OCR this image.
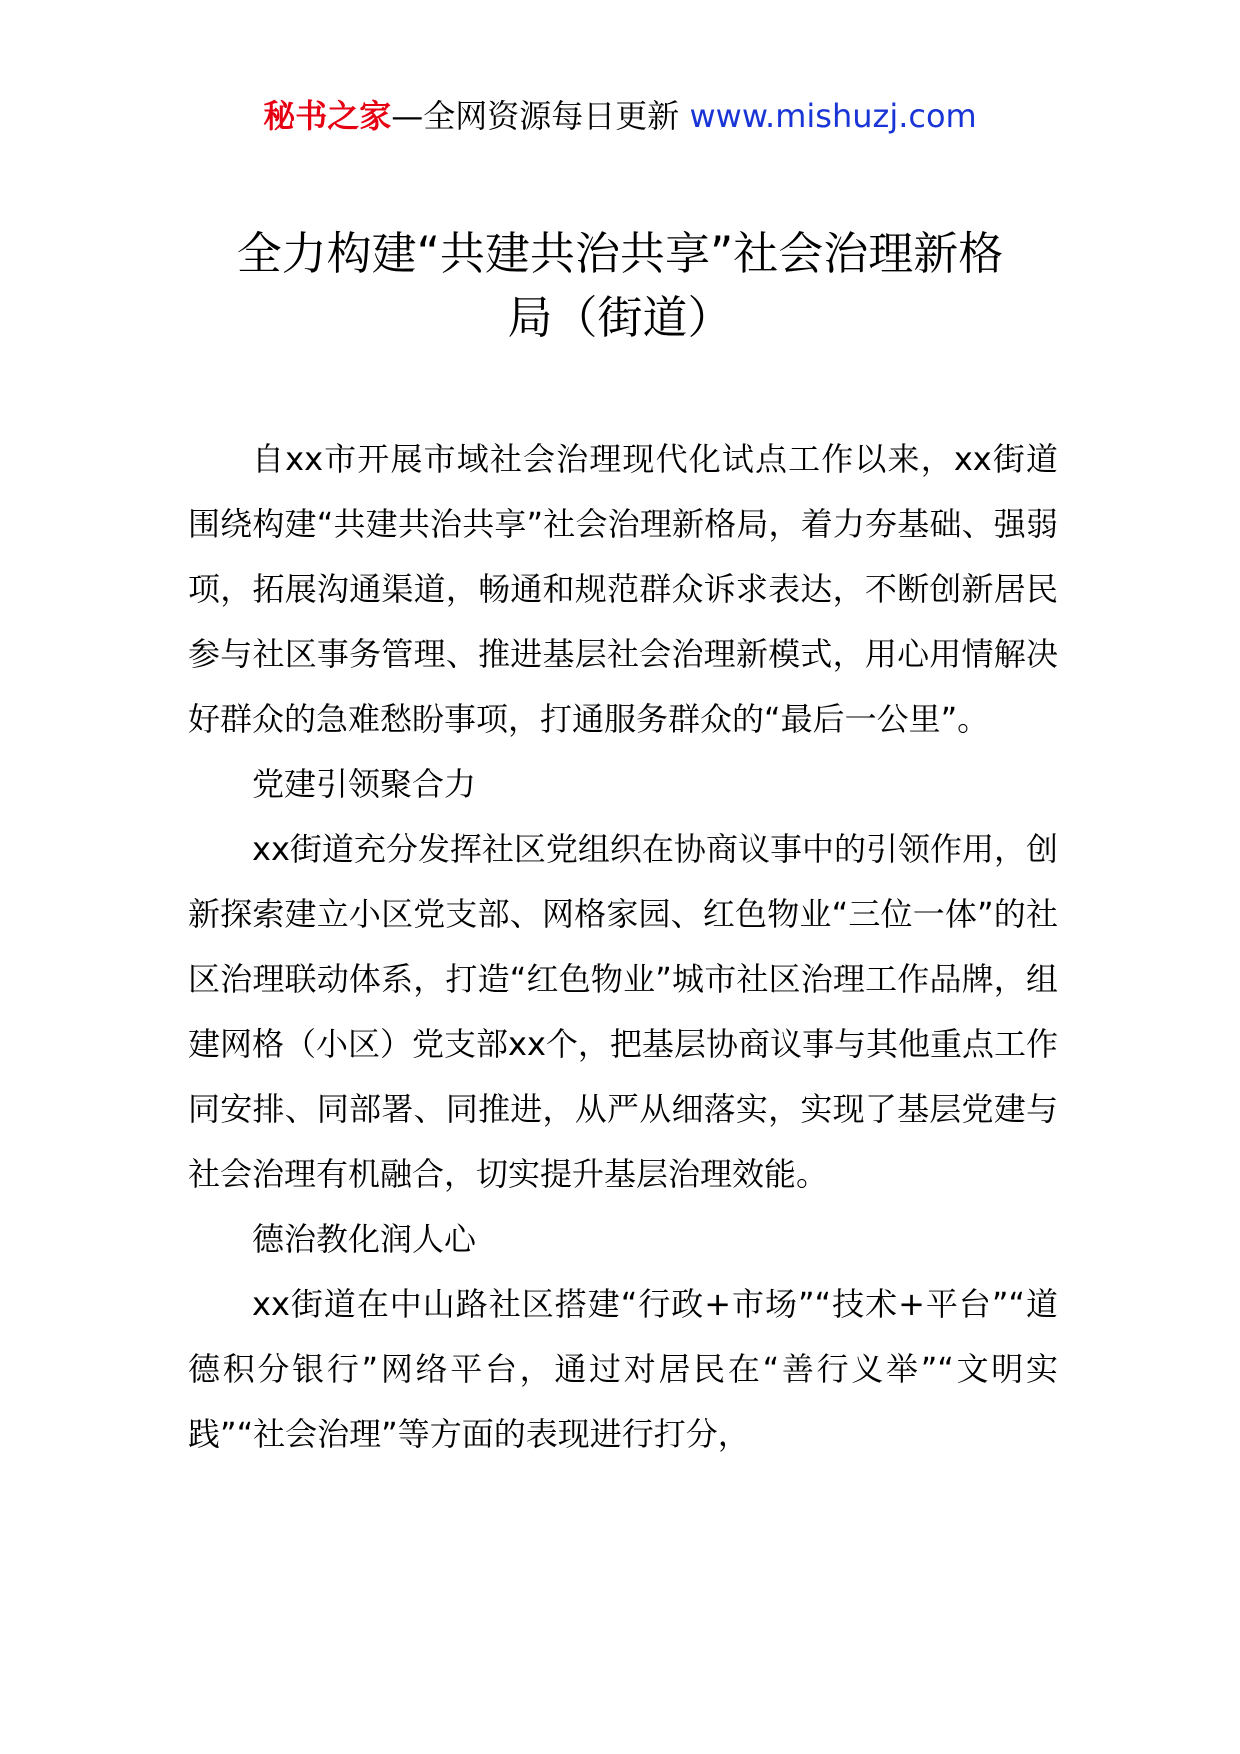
秘书之家—全网资源每日更新 www.mishuzj.com
全力构建“共建共治共享”社会治理新格
局（街道）

自xx市开展市域社会治理现代化试点工作以来，xx街道围绕构建“共建共治共享”社会治理新格局，着力夯基础、强弱项，拓展沟通渠道，畅通和规范群众诉求表达，不断创新居民参与社区事务管理、推进基层社会治理新模式，用心用情解决好群众的急难愁盼事项，打通服务群众的“最后一公里”。

党建引领聚合力

xx街道充分发挥社区党组织在协商议事中的引领作用，创新探索建立小区党支部、网格家园、红色物业“三位一体”的社区治理联动体系，打造“红色物业”城市社区治理工作品牌，组建网格（小区）党支部xx个，把基层协商议事与其他重点工作同安排、同部署、同推进，从严从细落实，实现了基层党建与社会治理有机融合，切实提升基层治理效能。

德治教化润人心

xx街道在中山路社区搭建“行政+市场”“技术+平台”“道德积分银行”网络平台，通过对居民在“善行义举”“文明实践”“社会治理”等方面的表现进行打分，
